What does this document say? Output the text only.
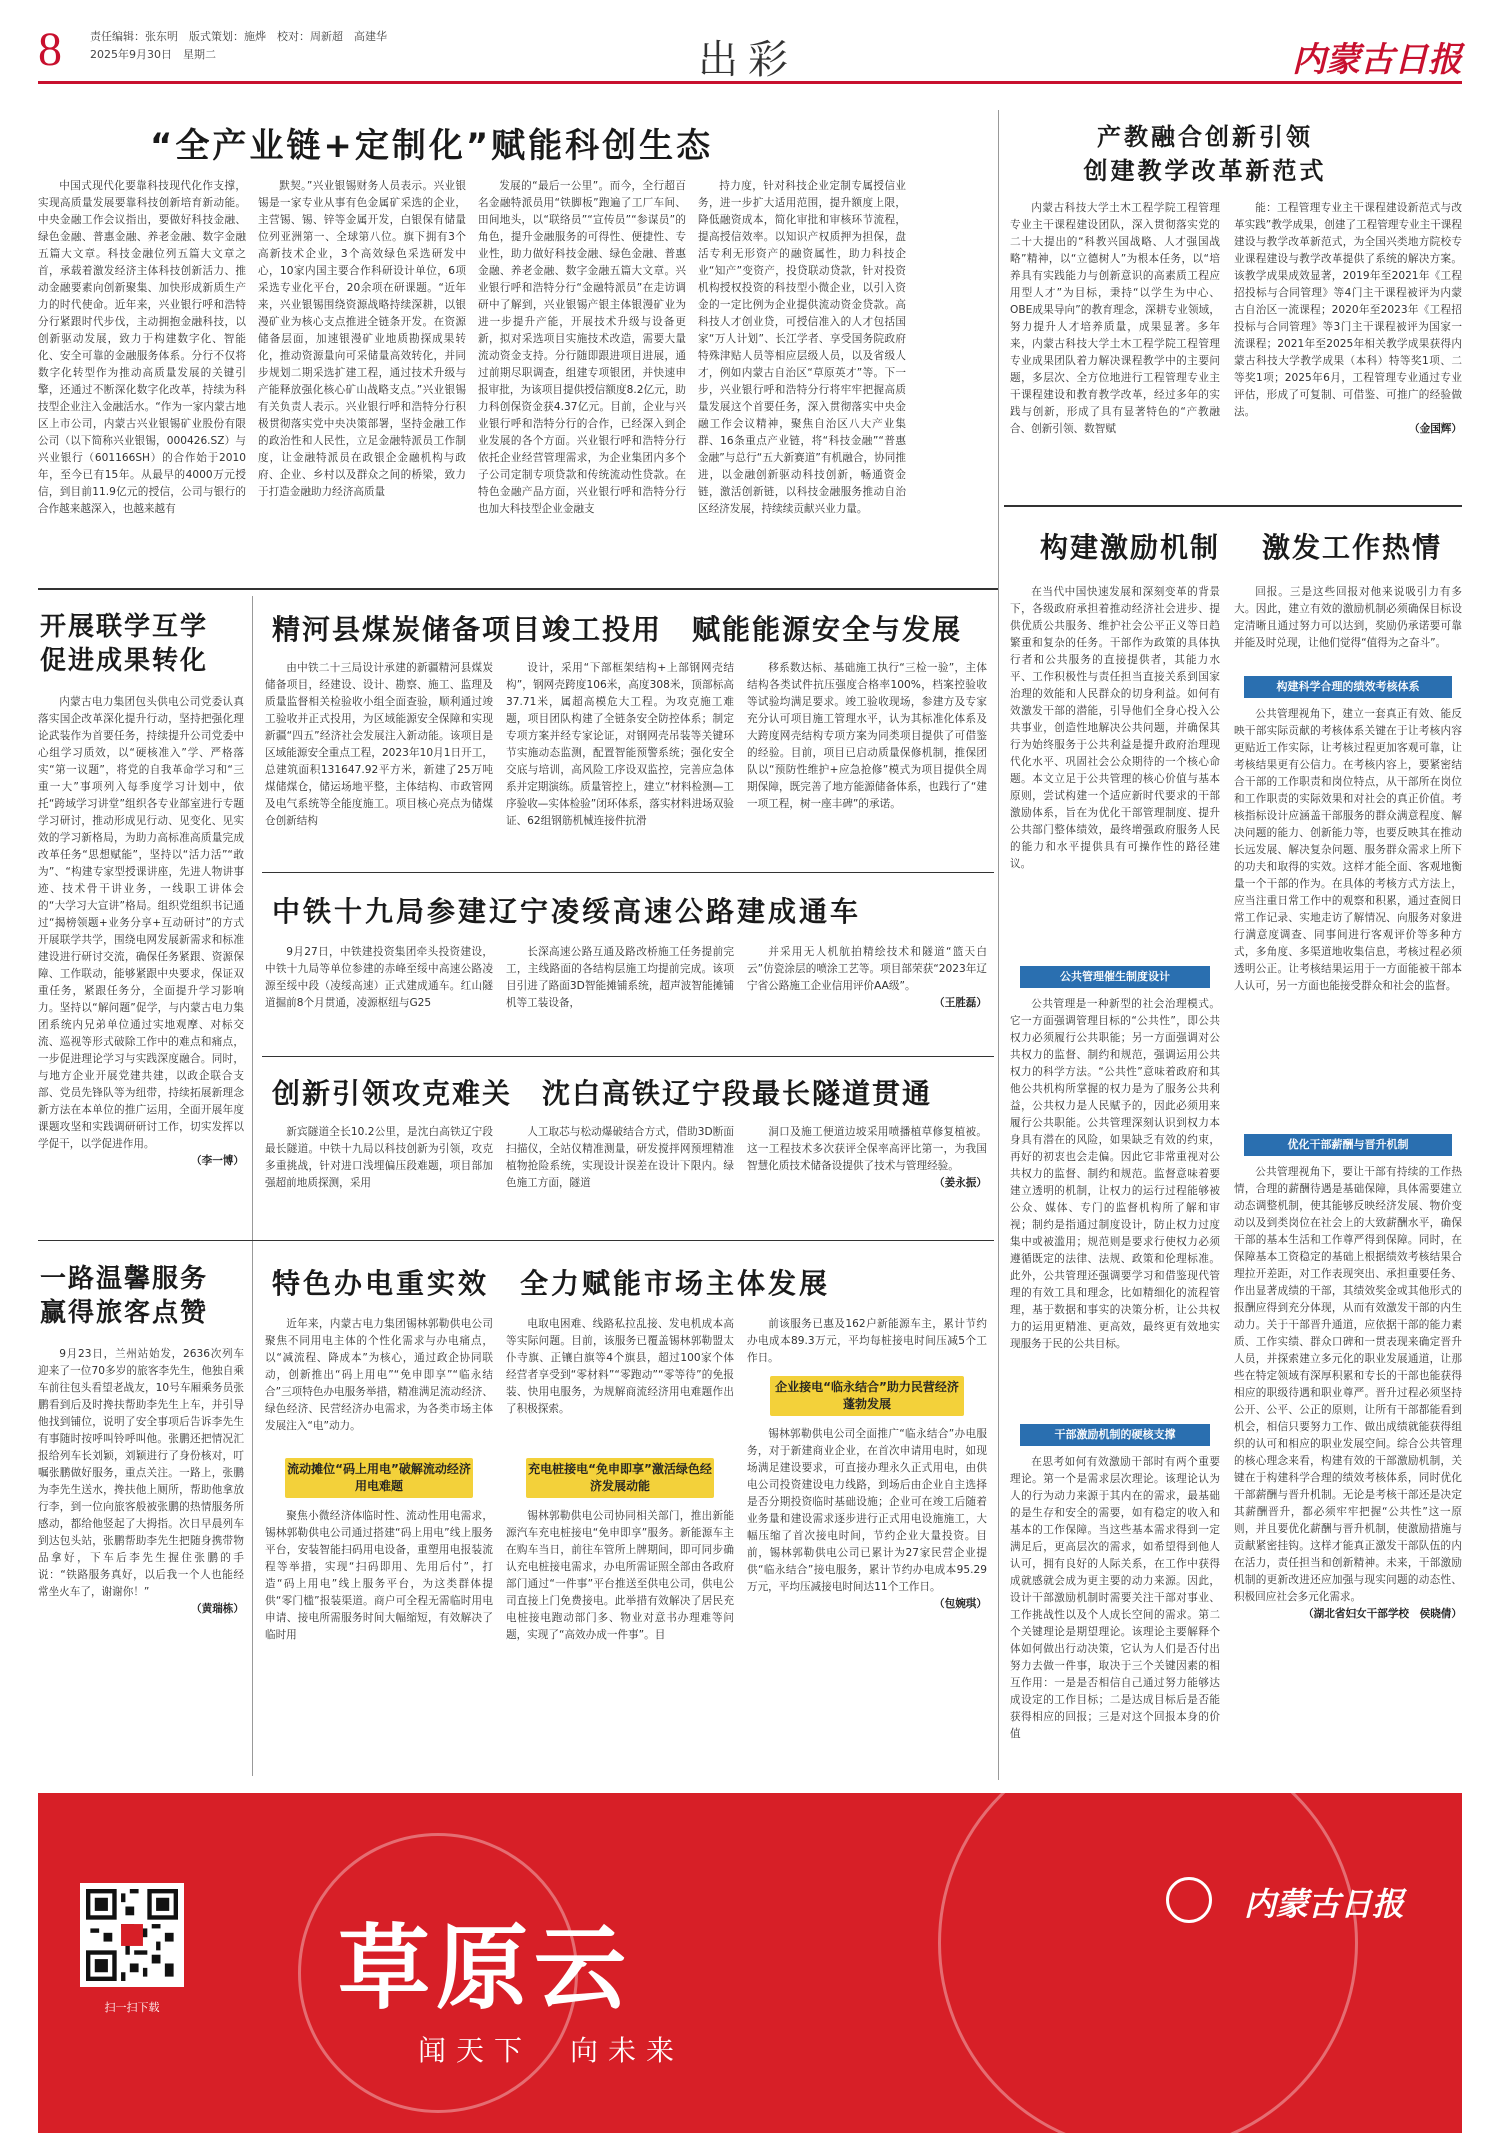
8	责任编辑：张东明　版式策划：施烨　校对：周新超　高建华
2025年9月30日　星期二	出彩	内蒙古日报
“全产业链+定制化”赋能科创生态

中国式现代化要靠科技现代化作支撑，实现高质量发展要靠科技创新培育新动能。中央金融工作会议指出，要做好科技金融、绿色金融、普惠金融、养老金融、数字金融五篇大文章。科技金融位列五篇大文章之首，承载着激发经济主体科技创新活力、推动金融要素向创新聚集、加快形成新质生产力的时代使命。近年来，兴业银行呼和浩特分行紧跟时代步伐，主动拥抱金融科技，以创新驱动发展，致力于构建数字化、智能化、安全可靠的金融服务体系。分行不仅将数字化转型作为推动高质量发展的关键引擎，还通过不断深化数字化改革，持续为科技型企业注入金融活水。“作为一家内蒙古地区上市公司，内蒙古兴业银锡矿业股份有限公司（以下简称兴业银锡，000426.SZ）与兴业银行（601166SH）的合作始于2010年，至今已有15年。从最早的4000万元授信，到目前11.9亿元的授信，公司与银行的合作越来越深入，也越来越有

默契。”兴业银锡财务人员表示。兴业银锡是一家专业从事有色金属矿采选的企业，主营锡、锡、锌等金属开发，白银保有储量位列亚洲第一、全球第八位。旗下拥有3个高新技术企业，3个高效绿色采选研发中心，10家内国主要合作科研设计单位，6项采选专业化平台，20余项在研课题。“近年来，兴业银锡围绕资源战略持续深耕，以银漫矿业为核心支点推进全链条开发。在资源储备层面，加速银漫矿业地质勘探成果转化，推动资源量向可采储量高效转化，并同步规划二期采选扩建工程，通过技术升级与产能释放强化核心矿山战略支点。”兴业银锡有关负责人表示。兴业银行呼和浩特分行积极贯彻落实党中央决策部署，坚持金融工作的政治性和人民性，立足金融特派员工作制度，让金融特派员在政银企金融机构与政府、企业、乡村以及群众之间的桥梁，致力于打造金融助力经济高质量

发展的“最后一公里”。而今，全行超百名金融特派员用“铁脚板”跑遍了工厂车间、田间地头，以“联络员”“宣传员”“参谋员”的角色，提升金融服务的可得性、便捷性、专业性，助力做好科技金融、绿色金融、普惠金融、养老金融、数字金融五篇大文章。兴业银行呼和浩特分行“金融特派员”在走访调研中了解到，兴业银锡产银主体银漫矿业为进一步提升产能，开展技术升级与设备更新，拟对采选项目实施技术改造，需要大量流动资金支持。分行随即跟进项目进展，通过前期尽职调查，组建专项银团，并快速申报审批，为该项目提供授信额度8.2亿元，助力科创保资金获4.37亿元。目前，企业与兴业银行呼和浩特分行的合作，已经深入到企业发展的各个方面。兴业银行呼和浩特分行依托企业经营管理需求，为企业集团内多个子公司定制专项贷款和传统流动性贷款。在特色金融产品方面，兴业银行呼和浩特分行也加大科技型企业金融支

持力度，针对科技企业定制专属授信业务，进一步扩大适用范围，提升额度上限，降低融资成本，简化审批和审核环节流程，提高授信效率。以知识产权质押为担保，盘活专利无形资产的融资属性，助力科技企业“知产”变资产，投贷联动贷款，针对投资机构授权投资的科技型小微企业，以引入资金的一定比例为企业提供流动资金贷款。高科技人才创业贷，可授信准入的人才包括国家“万人计划”、长江学者、享受国务院政府特殊津贴人员等相应层级人员，以及省级人才，例如内蒙古自治区“草原英才”等。下一步，兴业银行呼和浩特分行将牢牢把握高质量发展这个首要任务，深入贯彻落实中央金融工作会议精神，聚焦自治区八大产业集群、16条重点产业链，将“科技金融”“普惠金融”与总行“五大新赛道”有机融合，协同推进，以金融创新驱动科技创新，畅通资金链，激活创新链，以科技金融服务推动自治区经济发展，持续续贡献兴业力量。

产教融合创新引领
创建教学改革新范式

内蒙古科技大学土木工程学院工程管理专业主干课程建设团队，深入贯彻落实党的二十大提出的“科教兴国战略、人才强国战略”精神，以“立德树人”为根本任务，以“培养具有实践能力与创新意识的高素质工程应用型人才”为目标，秉持“以学生为中心、OBE成果导向”的教育理念，深耕专业领域，努力提升人才培养质量，成果显著。多年来，内蒙古科技大学土木工程学院工程管理专业成果团队着力解决课程教学中的主要问题，多层次、全方位地进行工程管理专业主干课程建设和教育教学改革，经过多年的实践与创新，形成了具有显著特色的“产教融合、创新引领、数智赋

能：工程管理专业主干课程建设新范式与改革实践”教学成果，创建了工程管理专业主干课程建设与教学改革新范式，为全国兴类地方院校专业课程建设与教学改革提供了系统的解决方案。该教学成果成效显著，2019年至2021年《工程招投标与合同管理》等4门主干课程被评为内蒙古自治区一流课程；2020年至2023年《工程招投标与合同管理》等3门主干课程被评为国家一流课程；2021年至2025年相关教学成果获得内蒙古科技大学教学成果（本科）特等奖1项、二等奖1项；2025年6月，工程管理专业通过专业评估，形成了可复制、可借鉴、可推广的经验做法。

（金国辉）
构建激励机制 激发工作热情

在当代中国快速发展和深刻变革的背景下，各级政府承担着推动经济社会进步、提供优质公共服务、维护社会公平正义等日趋繁重和复杂的任务。干部作为政策的具体执行者和公共服务的直接提供者，其能力水平、工作积极性与责任担当直接关系到国家治理的效能和人民群众的切身利益。如何有效激发干部的潜能，引导他们全身心投入公共事业，创造性地解决公共问题，并确保其行为始终服务于公共利益是提升政府治理现代化水平、巩固社会公众期待的一个核心命题。本文立足于公共管理的核心价值与基本原则，尝试构建一个适应新时代要求的干部激励体系，旨在为优化干部管理制度、提升公共部门整体绩效，最终增强政府服务人民的能力和水平提供具有可操作性的路径建议。

公共管理催生制度设计

公共管理是一种新型的社会治理模式。它一方面强调管理目标的“公共性”，即公共权力必须履行公共职能；另一方面强调对公共权力的监督、制约和规范，强调运用公共权力的科学方法。“公共性”意味着政府和其他公共机构所掌握的权力是为了服务公共利益，公共权力是人民赋予的，因此必须用来履行公共职能。公共管理深刻认识到权力本身具有潜在的风险，如果缺乏有效的约束，再好的初衷也会走偏。因此它非常重视对公共权力的监督、制约和规范。监督意味着要建立透明的机制，让权力的运行过程能够被公众、媒体、专门的监督机构所了解和审视；制约是指通过制度设计，防止权力过度集中或被滥用；规范则是要求行使权力必须遵循既定的法律、法规、政策和伦理标准。此外，公共管理还强调要学习和借鉴现代管理的有效工具和理念，比如精细化的流程管理，基于数据和事实的决策分析，让公共权力的运用更精准、更高效，最终更有效地实现服务于民的公共目标。

干部激励机制的硬核支撑

在思考如何有效激励干部时有两个重要理论。第一个是需求层次理论。该理论认为人的行为动力来源于其内在的需求，最基础的是生存和安全的需要，如有稳定的收入和基本的工作保障。当这些基本需求得到一定满足后，更高层次的需求，如希望得到他人认可，拥有良好的人际关系，在工作中获得成就感就会成为更主要的动力来源。因此，设计干部激励机制时需要关注干部对事业、工作挑战性以及个人成长空间的需求。第二个关键理论是期望理论。该理论主要解释个体如何做出行动决策，它认为人们是否付出努力去做一件事，取决于三个关键因素的相互作用：一是是否相信自己通过努力能够达成设定的工作目标；二是达成目标后是否能获得相应的回报；三是对这个回报本身的价值

回报。三是这些回报对他来说吸引力有多大。因此，建立有效的激励机制必须确保目标设定清晰且通过努力可以达到，奖励仍承诺要可靠并能及时兑现，让他们觉得“值得为之奋斗”。

构建科学合理的绩效考核体系

公共管理视角下，建立一套真正有效、能反映干部实际贡献的考核体系关键在于让考核内容更贴近工作实际，让考核过程更加客观可靠，让考核结果更有公信力。在考核内容上，要紧密结合干部的工作职责和岗位特点，从干部所在岗位和工作职责的实际效果和对社会的真正价值。考核指标设计应涵盖干部服务的群众满意程度、解决问题的能力、创新能力等，也要反映其在推动长远发展、解决复杂问题、服务群众需求上所下的功夫和取得的实效。这样才能全面、客观地衡量一个干部的作为。在具体的考核方式方法上，应当注重日常工作中的观察和积累，通过查阅日常工作记录、实地走访了解情况、向服务对象进行满意度调查、同事间进行客观评价等多种方式，多角度、多渠道地收集信息，考核过程必须透明公正。让考核结果运用于一方面能被干部本人认可，另一方面也能接受群众和社会的监督。

优化干部薪酬与晋升机制

公共管理视角下，要让干部有持续的工作热情，合理的薪酬待遇是基础保障，具体需要建立动态调整机制，使其能够反映经济发展、物价变动以及到类岗位在社会上的大致薪酬水平，确保干部的基本生活和工作尊严得到保障。同时，在保障基本工资稳定的基础上根据绩效考核结果合理拉开差距，对工作表现突出、承担重要任务、作出显著成绩的干部，其绩效奖金或其他形式的报酬应得到充分体现，从而有效激发干部的内生动力。关于干部晋升通道，应依据干部的能力素质、工作实绩、群众口碑和一贯表现来确定晋升人员，并探索建立多元化的职业发展通道，让那些在特定领域有深厚积累和专长的干部也能获得相应的职级待遇和职业尊严。晋升过程必须坚持公开、公平、公正的原则，让所有干部都能看到机会，相信只要努力工作、做出成绩就能获得组织的认可和相应的职业发展空间。综合公共管理的核心理念来看，构建有效的干部激励机制，关键在于构建科学合理的绩效考核体系，同时优化干部薪酬与晋升机制。无论是考核干部还是决定其薪酬晋升，都必须牢牢把握“公共性”这一原则，并且要优化薪酬与晋升机制，使激励措施与贡献紧密挂钩。这样才能真正激发干部队伍的内在活力，责任担当和创新精神。未来，干部激励机制的更新改进还应加强与现实问题的动态性、积极回应社会多元化需求。

（湖北省妇女干部学校　侯晓倩）
开展联学互学
促进成果转化

内蒙古电力集团包头供电公司党委认真落实国企改革深化提升行动，坚持把强化理论武装作为首要任务，持续提升公司党委中心组学习质效，以“硬核准入”学、严格落实“第一议题”，将党的自我革命学习和“三重一大”事项列入每季度学习计划中，依托“跨域学习讲堂”组织各专业部室进行专题学习研讨，推动形成见行动、见变化、见实效的学习新格局，为助力高标准高质量完成改革任务“思想赋能”，坚持以“活力活”“敢为”、“构建专家型授课讲座，先进人物讲事迹、技术骨干讲业务，一线职工讲体会的“大学习大宣讲”格局。组织党组织书记通过“揭榜领题+业务分享+互动研讨”的方式开展联学共学，围绕电网发展新需求和标准建设进行研讨交流，确保任务紧跟、资源保障、工作联动，能够紧跟中央要求，保证双重任务，紧跟任务分，全面提升学习影响力。坚持以“解问题”促学，与内蒙古电力集团系统内兄弟单位通过实地观摩、对标交流、巡视等形式破除工作中的难点和痛点，一步促进理论学习与实践深度融合。同时，与地方企业开展党建共建，以政企联合支部、党员先锋队等为纽带，持续拓展新理念新方法在本单位的推广运用，全面开展年度课题攻坚和实践调研研讨工作，切实发挥以学促干，以学促进作用。

（李一博）
精河县煤炭储备项目竣工投用　赋能能源安全与发展

由中铁二十三局设计承建的新疆精河县煤炭储备项目，经建设、设计、勘察、施工、监理及质量监督相关检验收小组全面查验，顺利通过竣工验收并正式投用，为区域能源安全保障和实现新疆“四五”经济社会发展注入新动能。该项目是区域能源安全重点工程，2023年10月1日开工，总建筑面积131647.92平方米，新建了25万吨煤储煤仓，储运场地平整，主体结构、市政管网及电气系统等全能度施工。项目核心亮点为储煤仓创新结构

设计，采用“下部框架结构+上部钢网壳结构”，钢网壳跨度106米，高度308米，顶部标高37.71米，属超高模危大工程。为攻克施工难题，项目团队构建了全链条安全防控体系；制定专项方案并经专家论证，对钢网壳吊装等关键环节实施动态监测，配置智能预警系统；强化安全交底与培训，高风险工序设双监控，完善应急体系并定期演练。质量管控上，建立“材料检测—工序验收—实体检验”闭环体系，落实材料进场双验证、62组钢筋机械连接件抗滑

移系数达标、基础施工执行“三检一验”，主体结构各类试件抗压强度合格率100%，档案控验收等试验均满足要求。竣工验收现场，参建方及专家充分认可项目施工管理水平，认为其标准化体系及大跨度网壳结构专项方案为同类项目提供了可借鉴的经验。目前，项目已启动质量保修机制，推保团队以“预防性维护+应急抢修”模式为项目提供全周期保障，既完善了地方能源储备体系，也践行了“建一项工程，树一座丰碑”的承诺。

中铁十九局参建辽宁凌绥高速公路建成通车

9月27日，中铁建投资集团牵头投资建设，中铁十九局等单位参建的赤峰至绥中高速公路凌源至绥中段（凌绥高速）正式建成通车。红山隧道掘前8个月贯通，凌源枢纽与G25

长深高速公路互通及路改桥施工任务提前完工，主线路面的各结构层施工均提前完成。该项目引进了路面3D智能摊铺系统，超声波智能摊铺机等工装设备，

并采用无人机航拍精绘技术和隧道“篮天白云”仿瓷涂层的喷涂工艺等。项目部荣获“2023年辽宁省公路施工企业信用评价AA级”。

（王胜磊）
创新引领攻克难关　沈白高铁辽宁段最长隧道贯通

新宾隧道全长10.2公里，是沈白高铁辽宁段最长隧道。中铁十九局以科技创新为引领，攻克多重挑战，针对进口浅埋偏压段难题，项目部加强超前地质探测，采用

人工取芯与松动爆破结合方式，借助3D断面扫描仪，全站仪精准测量，研发搅拌网预埋精准植物抢险系统，实现设计误差在设计下限内。绿色施工方面，隧道

洞口及施工便道边坡采用喷播植草修复植被。这一工程技术多次获评全保率高评比第一，为我国智慧化质技术储备设提供了技术与管理经验。

（姜永振）
一路温馨服务
赢得旅客点赞

9月23日，兰州站始发，2636次列车迎来了一位70多岁的旅客李先生，他独自乘车前往包头看望老战友，10号车厢乘务员张鹏看到后及时搀扶帮助李先生上车，并引导他找到铺位，说明了安全事项后告诉李先生有事随时按呼叫铃呼叫他。张鹏还把情况汇报给列车长刘颖，刘颖进行了身份核对，叮嘱张鹏做好服务，重点关注。一路上，张鹏为李先生送水，搀扶他上厕所，帮助他拿放行李，到一位向旅客般被张鹏的热情服务所感动，都给他竖起了大拇指。次日早晨列车到达包头站，张鹏帮助李先生把随身携带物品拿好，下车后李先生握住张鹏的手说：“铁路服务真好，以后我一个人也能经常坐火车了，谢谢你！”

（黄瑞栋）
特色办电重实效　全力赋能市场主体发展

近年来，内蒙古电力集团锡林郭勒供电公司聚焦不同用电主体的个性化需求与办电痛点，以“减流程、降成本”为核心，通过政企协同联动，创新推出“码上用电”“免申即享”“临永结合”三项特色办电服务举措，精准满足流动经济、绿色经济、民营经济办电需求，为各类市场主体发展注入“电”动力。

流动摊位“码上用电”破解流动经济用电难题

聚焦小微经济体临时性、流动性用电需求，锡林郭勒供电公司通过搭建“码上用电”线上服务平台，安装智能扫码用电设备，重塑用电报装流程等举措，实现“扫码即用、先用后付”，打造“码上用电”线上服务平台，为这类群体提供“零门槛”报装渠道。商户可全程无需临时用电申请、接电所需服务时间大幅缩短，有效解决了临时用

电取电困难、线路私拉乱接、发电机成本高等实际问题。目前，该服务已覆盖锡林郭勒盟太仆寺旗、正镶白旗等4个旗县，超过100家个体经营者享受到“零材料”“零跑动”“零等待”的免报装、快用电服务，为规解商流经济用电难题作出了积极探索。

充电桩接电“免申即享”激活绿色经济发展动能

锡林郭勒供电公司协同相关部门，推出新能源汽车充电桩接电“免申即享”服务。新能源车主在购车当日，前往车管所上牌期间，即可同步确认充电桩接电需求，办电所需证照全部由各政府部门通过“一件事”平台推送至供电公司，供电公司直接上门免费接电。此举措有效解决了居民充电桩接电跑动部门多、物业对意书办理难等问题，实现了“高效办成一件事”。目

前该服务已惠及162户新能源车主，累计节约办电成本89.3万元，平均每桩接电时间压减5个工作日。

企业接电“临永结合”助力民营经济蓬勃发展

锡林郭勒供电公司全面推广“临永结合”办电服务，对于新建商业企业，在首次申请用电时，如现场满足建设要求，可直接办理永久正式用电，由供电公司投资建设电力线路，到场后由企业自主选择是否分期投资临时基础设施；企业可在竣工后随着业务量和建设需求逐步进行正式用电设施施工，大幅压缩了首次接电时间，节约企业大量投资。目前，锡林郭勒供电公司已累计为27家民营企业提供“临永结合”接电服务，累计节约办电成本95.29万元，平均压减接电时间达11个工作日。

（包婉琪）
扫一扫下载 草原云
闻天下　向未来
内蒙古日报
